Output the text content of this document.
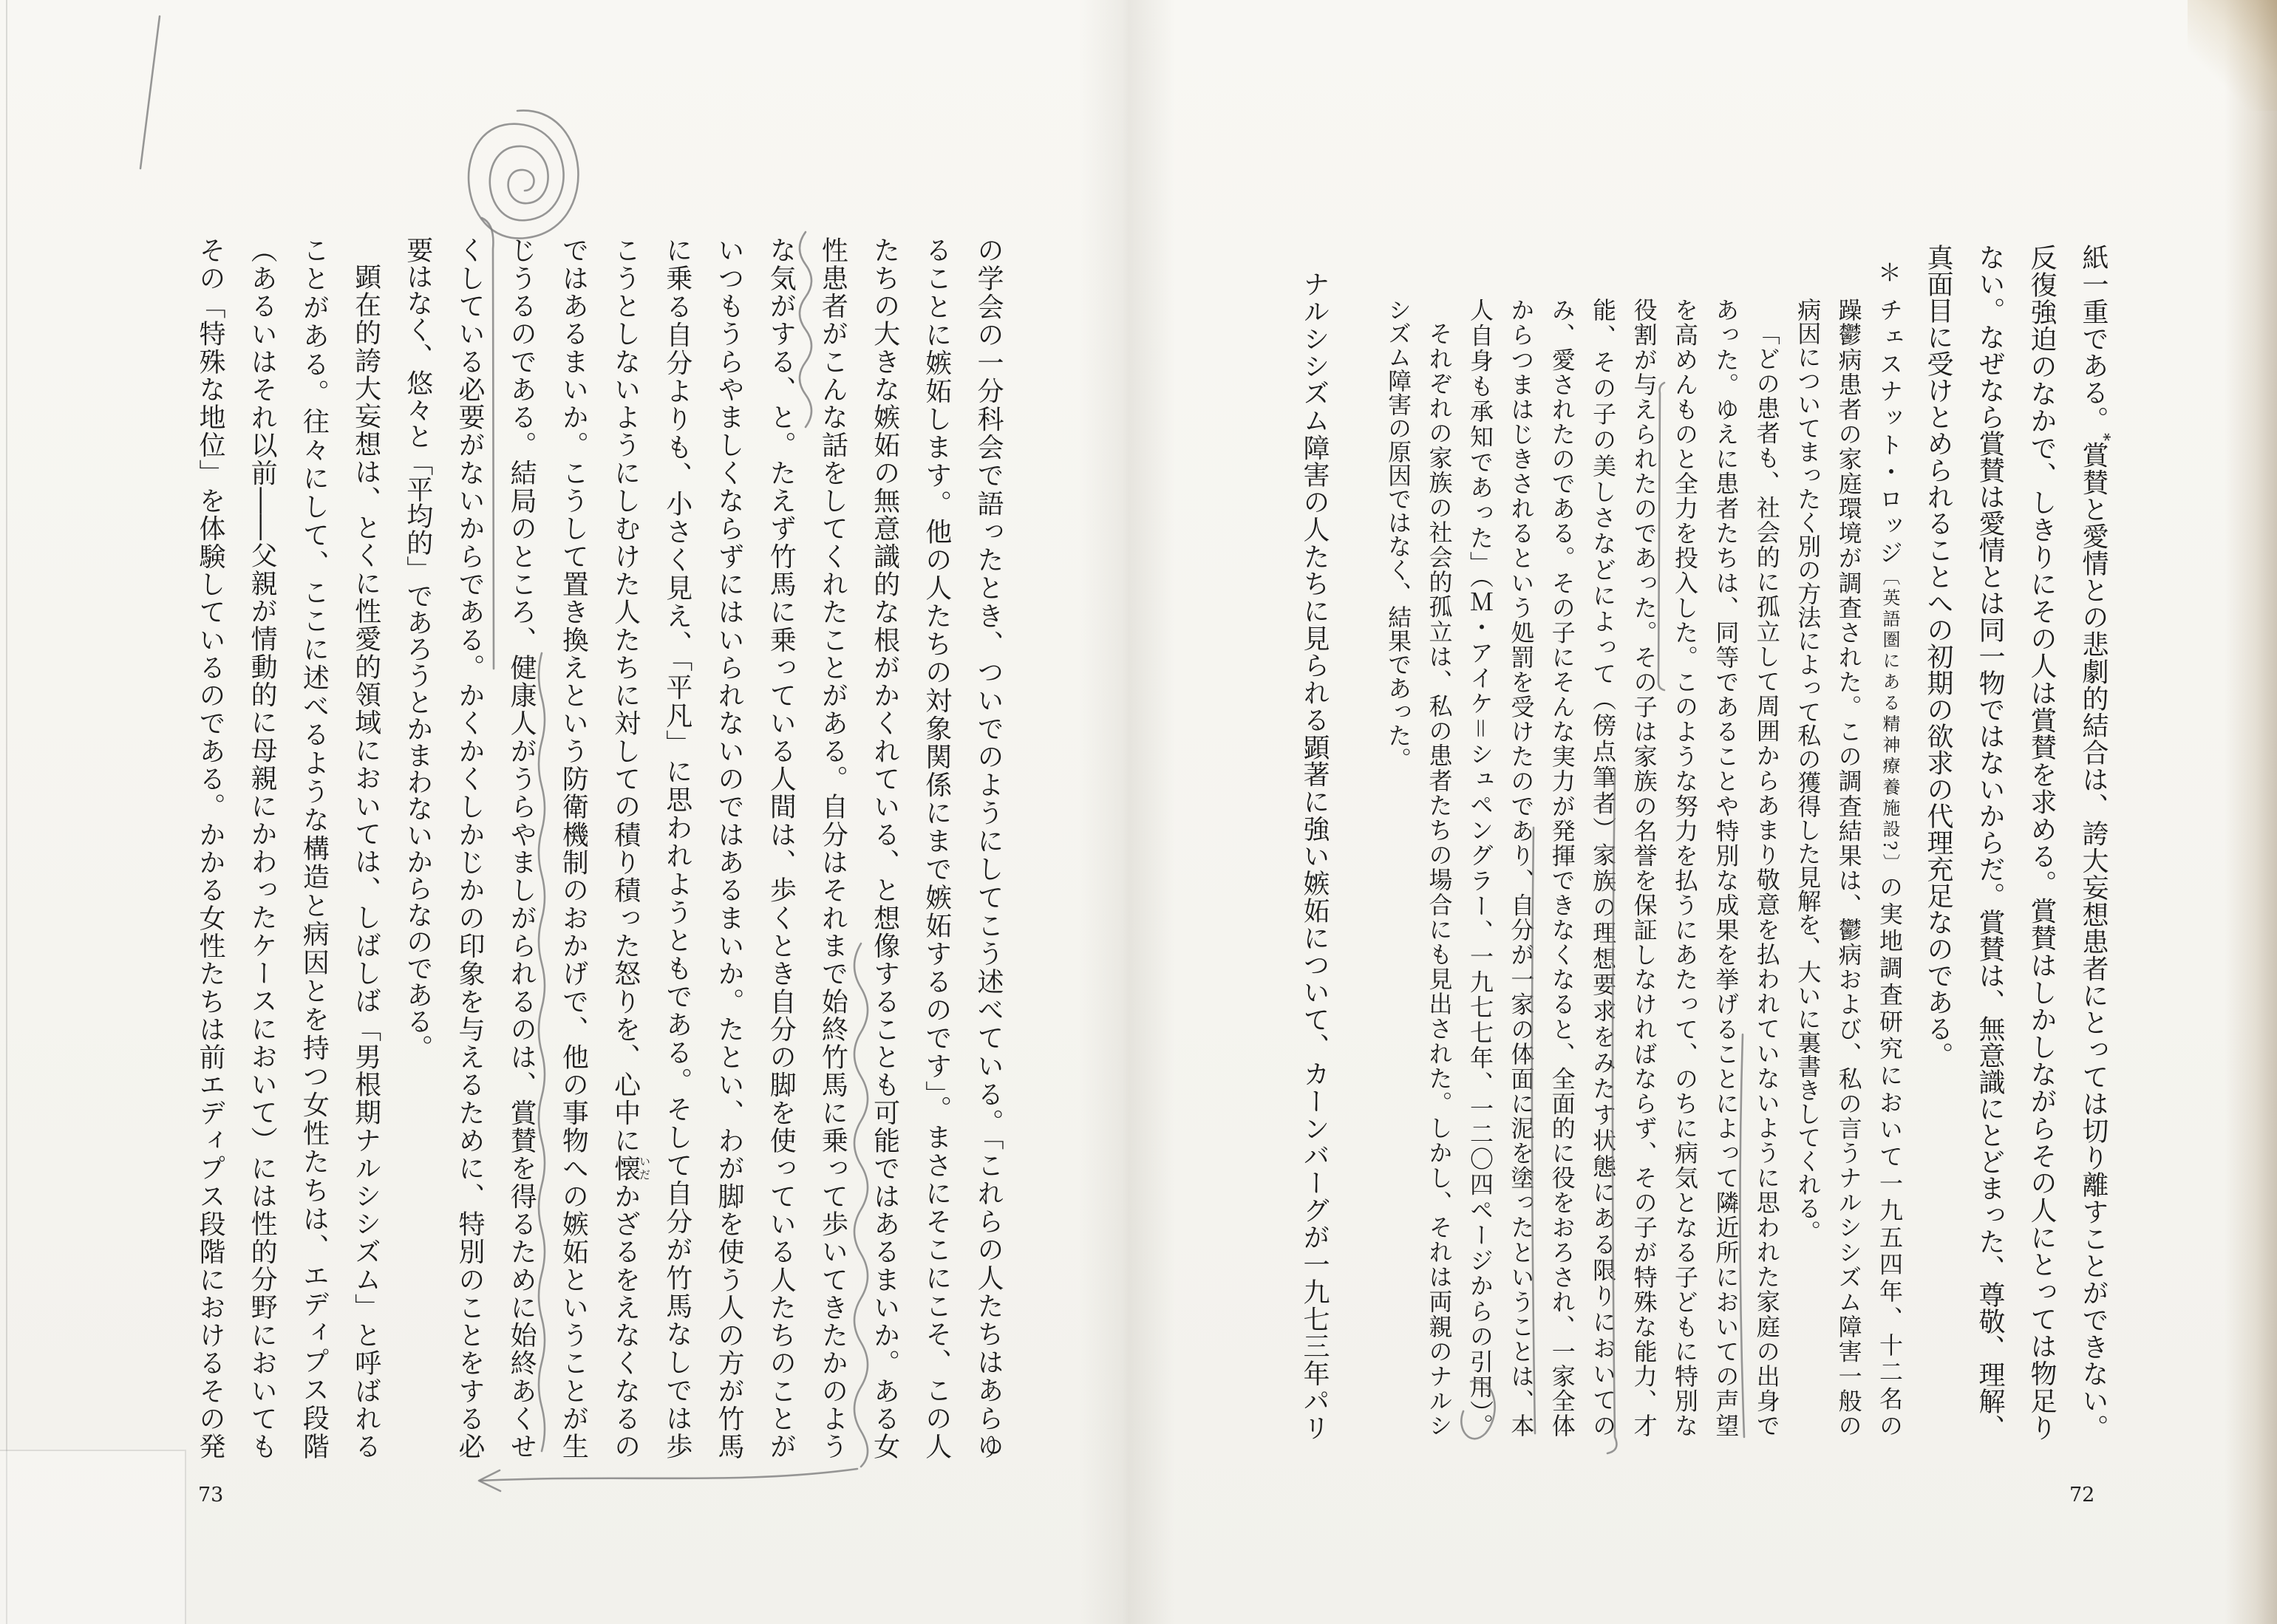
の学会の一分科会で語ったとき、ついでのようにしてこう述べている。「これらの人たちはあらゆ
ることに嫉妬します。他の人たちの対象関係にまで嫉妬するのです」。まさにそこにこそ、この人
たちの大きな嫉妬の無意識的な根がかくれている、と想像することも可能ではあるまいか。ある女
性患者がこんな話をしてくれたことがある。自分はそれまで始終竹馬に乗って歩いてきたかのよう
な気がする、と。たえず竹馬に乗っている人間は、歩くとき自分の脚を使っている人たちのことが
いつもうらやましくならずにはいられないのではあるまいか。たとい、わが脚を使う人の方が竹馬
に乗る自分よりも、小さく見え、「平凡」に思われようともである。そして自分が竹馬なしでは歩
こうとしないようにしむけた人たちに対しての積り積った怒りを、心中に懐いだかざるをえなくなるの
ではあるまいか。こうして置き換えという防衛機制のおかげで、他の事物への嫉妬ということが生
じうるのである。結局のところ、健康人がうらやましがられるのは、賞賛を得るために始終あくせ
くしている必要がないからである。かくかくしかじかの印象を与えるために、特別のことをする必
要はなく、悠々と「平均的」であろうとかまわないからなのである。
顕在的誇大妄想は、とくに性愛的領域においては、しばしば「男根期ナルシシズム」と呼ばれる
ことがある。往々にして、ここに述べるような構造と病因とを持つ女性たちは、エディプス段階
（あるいはそれ以前――父親が情動的に母親にかわったケースにおいて）には性的分野においても
その「特殊な地位」を体験しているのである。かかる女性たちは前エディプス段階におけるその発
73
紙一重である。*賞賛と愛情との悲劇的結合は、誇大妄想患者にとっては切り離すことができない。
反復強迫のなかで、しきりにその人は賞賛を求める。賞賛はしかしながらその人にとっては物足り
ない。なぜなら賞賛は愛情とは同一物ではないからだ。賞賛は、無意識にとどまった、尊敬、理解、
真面目に受けとめられることへの初期の欲求の代理充足なのである。
＊
チェスナット・ロッジ〔英語圏にある精神療養施設?〕の実地調査研究において一九五四年、十二名の
躁鬱病患者の家庭環境が調査された。この調査結果は、鬱病および、私の言うナルシシズム障害一般の
病因についてまったく別の方法によって私の獲得した見解を、大いに裏書きしてくれる。
「どの患者も、社会的に孤立して周囲からあまり敬意を払われていないように思われた家庭の出身で
あった。ゆえに患者たちは、同等であることや特別な成果を挙げることによって隣近所においての声望
を高めんものと全力を投入した。このような努力を払うにあたって、のちに病気となる子どもに特別な
役割が与えられたのであった。その子は家族の名誉を保証しなければならず、その子が特殊な能力、才
能、その子の美しさなどによって（傍点筆者）家族の理想要求をみたす状態にある限りにおいての
み、愛されたのである。その子にそんな実力が発揮できなくなると、全面的に役をおろされ、一家全体
からつまはじきされるという処罰を受けたのであり、自分が一家の体面に泥を塗ったということは、本
人自身も承知であった」（Ｍ・アイケ＝シュペングラー、一九七七年、一二〇四ページからの引用）。
それぞれの家族の社会的孤立は、私の患者たちの場合にも見出された。しかし、それは両親のナルシ
シズム障害の原因ではなく、結果であった。
ナルシシズム障害の人たちに見られる顕著に強い嫉妬について、カーンバーグが一九七三年パリ
72
